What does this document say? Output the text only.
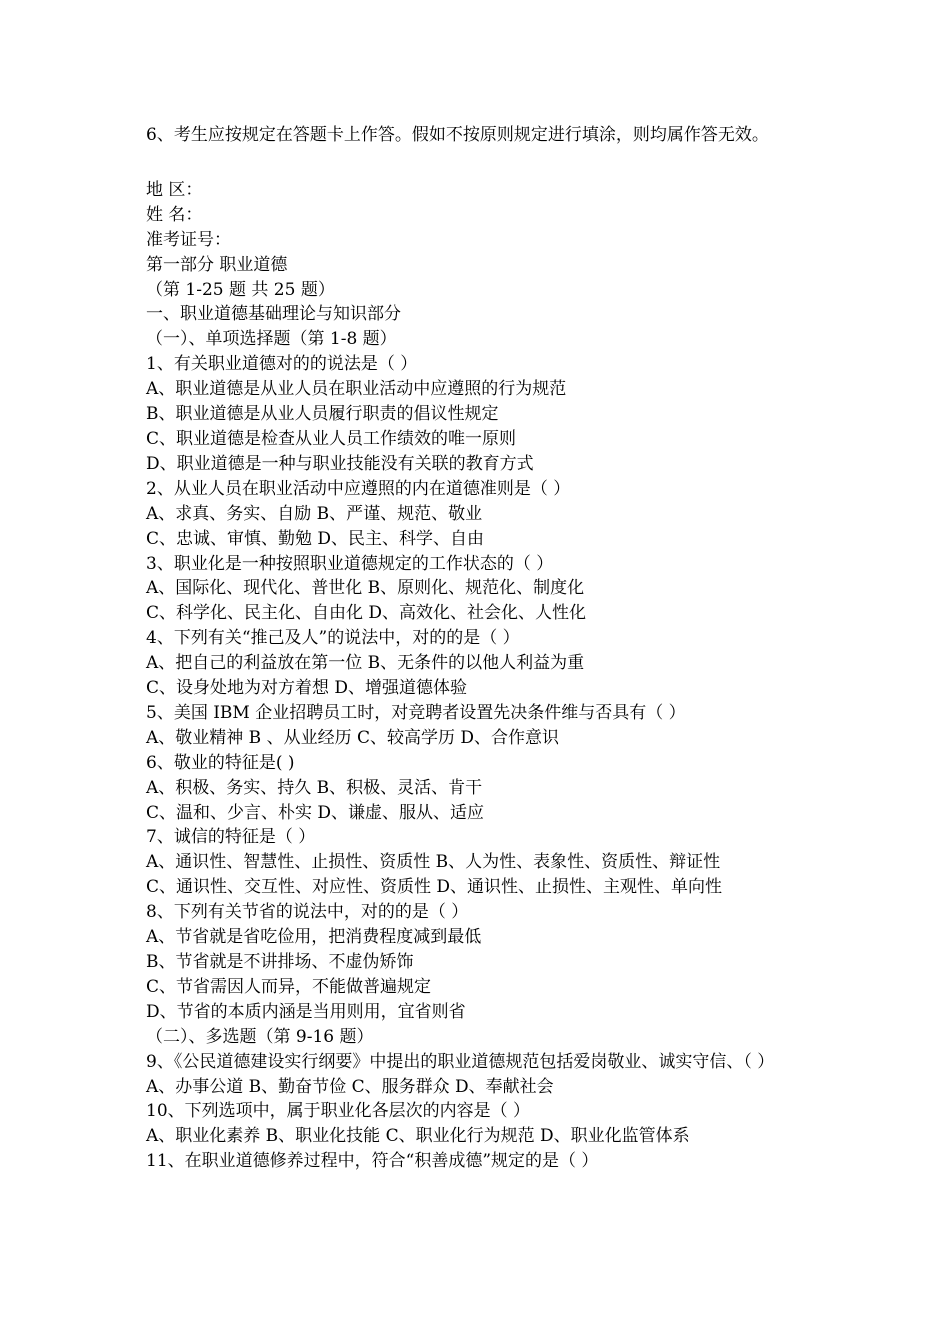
6、考生应按规定在答题卡上作答。假如不按原则规定进行填涂，则均属作答无效。

地 区：

姓 名：

准考证号：

第一部分 职业道德

（第 1-25 题 共 25 题）

一、职业道德基础理论与知识部分

（一）、单项选择题（第 1-8 题）

1、有关职业道德对的的说法是（ ）

A、职业道德是从业人员在职业活动中应遵照的行为规范

B、职业道德是从业人员履行职责的倡议性规定

C、职业道德是检查从业人员工作绩效的唯一原则

D、职业道德是一种与职业技能没有关联的教育方式

2、从业人员在职业活动中应遵照的内在道德准则是（ ）

A、求真、务实、自励 B、严谨、规范、敬业

C、忠诚、审慎、勤勉 D、民主、科学、自由

3、职业化是一种按照职业道德规定的工作状态的（ ）

A、国际化、现代化、普世化 B、原则化、规范化、制度化

C、科学化、民主化、自由化 D、高效化、社会化、人性化

4、下列有关“推己及人”的说法中，对的的是（ ）

A、把自己的利益放在第一位 B、无条件的以他人利益为重

C、设身处地为对方着想 D、增强道德体验

5、美国 IBM 企业招聘员工时，对竞聘者设置先决条件维与否具有（ ）

A、敬业精神 B 、从业经历 C、较高学历 D、合作意识

6、敬业的特征是( )

A、积极、务实、持久 B、积极、灵活、肯干

C、温和、少言、朴实 D、谦虚、服从、适应

7、诚信的特征是（ ）

A、通识性、智慧性、止损性、资质性 B、人为性、表象性、资质性、辩证性

C、通识性、交互性、对应性、资质性 D、通识性、止损性、主观性、单向性

8、下列有关节省的说法中，对的的是（ ）

A、节省就是省吃俭用，把消费程度减到最低

B、节省就是不讲排场、不虚伪矫饰

C、节省需因人而异，不能做普遍规定

D、节省的本质内涵是当用则用，宜省则省

（二）、多选题（第 9-16 题）

9、《公民道德建设实行纲要》中提出的职业道德规范包括爱岗敬业、诚实守信、（ ）

A、办事公道 B、勤奋节俭 C、服务群众 D、奉献社会

10、下列选项中，属于职业化各层次的内容是（ ）

A、职业化素养 B、职业化技能 C、职业化行为规范 D、职业化监管体系

11、在职业道德修养过程中，符合“积善成德”规定的是（ ）
